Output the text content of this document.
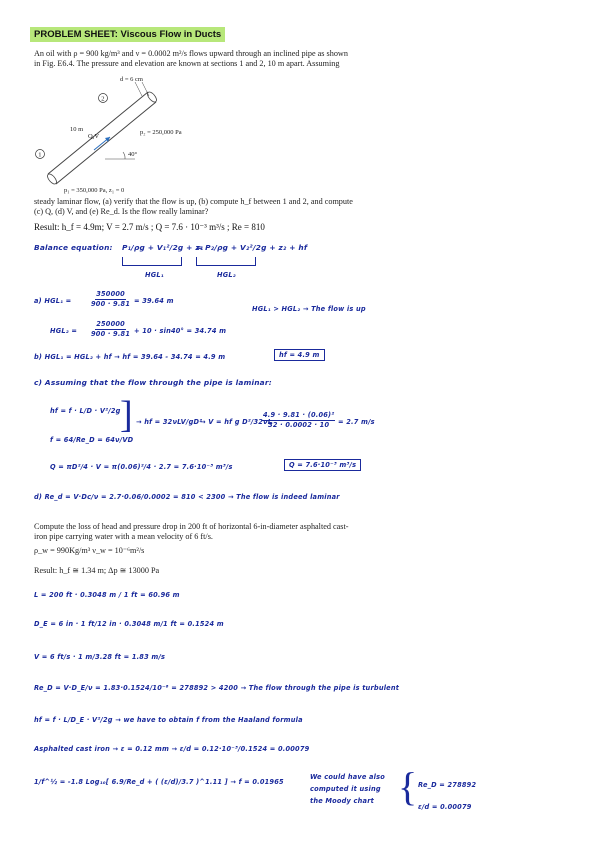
PROBLEM SHEET: Viscous Flow in Ducts
An oil with ρ = 900 kg/m³ and ν = 0.0002 m²/s flows upward through an inclined pipe as shown
in Fig. E6.4. The pressure and elevation are known at sections 1 and 2, 10 m apart. Assuming
1
2
d = 6 cm
10 m
Q,V
p₂ = 250,000 Pa
40°
p₁ = 350,000 Pa, z₁ = 0
steady laminar flow, (a) verify that the flow is up, (b) compute h_f between 1 and 2, and compute
(c) Q, (d) V, and (e) Re_d. Is the flow really laminar?
Result: h_f = 4.9m; V = 2.7 m/s ; Q = 7.6 · 10⁻³ m³/s ; Re = 810
Balance equation: P₁/ρg + V₁²/2g + z₁
= P₂/ρg + V₂²/2g + z₂ + hf
HGL₁	HGL₂
a) HGL₁ =	$\frac{350000}{900 \cdot 9.81} = 39.64$ m
HGL₁ > HGL₂ → The flow is up
$HGL_2 = \frac{250000}{900 \cdot 9.81} + 10 \cdot \sin 40^\circ = 34.74$ m
b) HGL₁ = HGL₂ + hf → hf = 39.64 - 34.74 = 4.9 m	hf = 4.9 m
c) Assuming that the flow through the pipe is laminar:
hf = f · L/D · V²/2g
f = 64/Re_D = 64ν/VD
] → hf = 32νLV/gD²
→ V = hf g D²/32νL
$\frac{\text{4.9 · 9.81 · (0.06)²}}{32 \cdot 0.0002 \cdot 10} = 2.7$ m/s
Q = πD²/4 · V = π(0.06)²/4 · 2.7 = 7.6·10⁻³ m³/s	Q = 7.6·10⁻³ m³/s
d) Re_d = V·Dc/ν = 2.7·0.06/0.0002 = 810 < 2300 → The flow is indeed laminar
Compute the loss of head and pressure drop in 200 ft of horizontal 6-in-diameter asphalted cast-
iron pipe carrying water with a mean velocity of 6 ft/s.
ρ_w = 990Kg/m³ ν_w = 10⁻⁶m²/s
Result: h_f ≅ 1.34 m; Δp ≅ 13000 Pa
L = 200 ft · 0.3048 m / 1 ft = 60.96 m
D_E = 6 in · 1 ft/12 in · 0.3048 m/1 ft = 0.1524 m
V = 6 ft/s · 1 m/3.28 ft = 1.83 m/s
Re_D = V·D_E/ν = 1.83·0.1524/10⁻⁶ = 278892 > 4200 → The flow through the pipe is turbulent
hf = f · L/D_E · V²/2g → we have to obtain f from the Haaland formula
Asphalted cast iron → ε = 0.12 mm → ε/d = 0.12·10⁻³/0.1524 = 0.00079
1/f^½ = -1.8 Log₁₀[ 6.9/Re_d + ( (ε/d)/3.7 )^1.11 ] → f = 0.01965
We could have also
computed it using
the Moody chart { Re_D = 278892
ε/d = 0.00079
